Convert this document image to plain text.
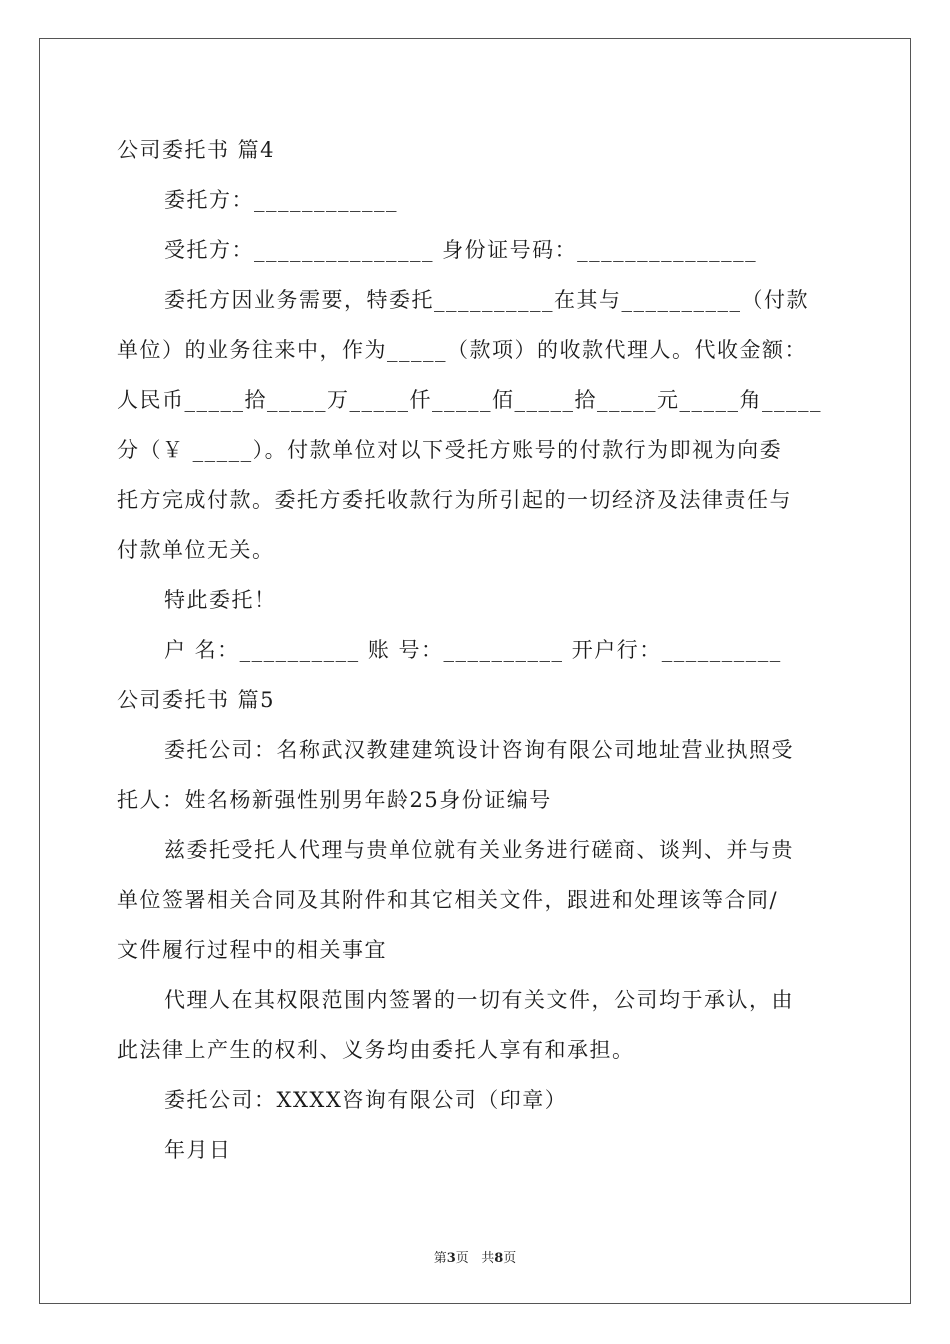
公司委托书 篇4
委托方：____________
受托方：_______________ 身份证号码：_______________
委托方因业务需要，特委托__________在其与__________（付款
单位）的业务往来中，作为_____（款项）的收款代理人。代收金额：
人民币_____拾_____万_____仟_____佰_____拾_____元_____角_____
分（￥ _____）。付款单位对以下受托方账号的付款行为即视为向委
托方完成付款。委托方委托收款行为所引起的一切经济及法律责任与
付款单位无关。
特此委托！
户 名：__________ 账 号：__________ 开户行：__________
公司委托书 篇5
委托公司：名称武汉教建建筑设计咨询有限公司地址营业执照受
托人：姓名杨新强性别男年龄25身份证编号
兹委托受托人代理与贵单位就有关业务进行磋商、谈判、并与贵
单位签署相关合同及其附件和其它相关文件，跟进和处理该等合同/
文件履行过程中的相关事宜
代理人在其权限范围内签署的一切有关文件，公司均于承认，由
此法律上产生的权利、义务均由委托人享有和承担。
委托公司：XXXX咨询有限公司（印章）
年月日
第3页   共8页
